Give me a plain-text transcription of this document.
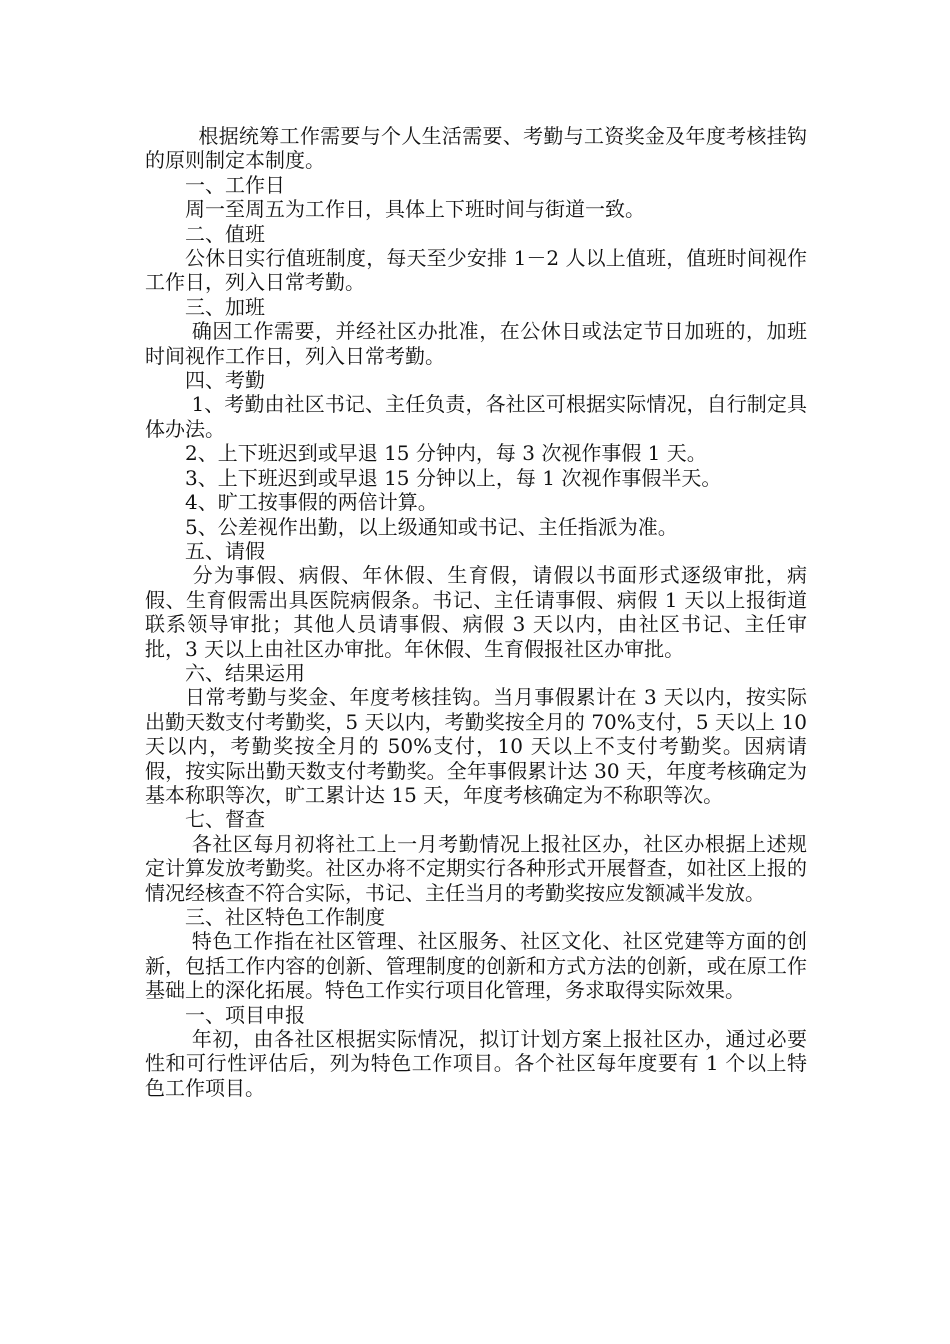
根据统筹工作需要与个人生活需要、考勤与工资奖金及年度考核挂钩的原则制定本制度。

一、工作日

周一至周五为工作日，具体上下班时间与街道一致。

二、值班

公休日实行值班制度，每天至少安排 1－2 人以上值班，值班时间视作工作日，列入日常考勤。

三、加班

确因工作需要，并经社区办批准，在公休日或法定节日加班的，加班时间视作工作日，列入日常考勤。

四、考勤

1、考勤由社区书记、主任负责，各社区可根据实际情况，自行制定具体办法。

2、上下班迟到或早退 15 分钟内，每 3 次视作事假 1 天。

3、上下班迟到或早退 15 分钟以上，每 1 次视作事假半天。

4、旷工按事假的两倍计算。

5、公差视作出勤，以上级通知或书记、主任指派为准。

五、请假

分为事假、病假、年休假、生育假，请假以书面形式逐级审批，病假、生育假需出具医院病假条。书记、主任请事假、病假 1 天以上报街道联系领导审批；其他人员请事假、病假 3 天以内，由社区书记、主任审批，3 天以上由社区办审批。年休假、生育假报社区办审批。

六、结果运用

日常考勤与奖金、年度考核挂钩。当月事假累计在 3 天以内，按实际出勤天数支付考勤奖，5 天以内，考勤奖按全月的 70%支付，5 天以上 10 天以内，考勤奖按全月的 50%支付，10 天以上不支付考勤奖。因病请假，按实际出勤天数支付考勤奖。全年事假累计达 30 天，年度考核确定为基本称职等次，旷工累计达 15 天，年度考核确定为不称职等次。

七、督查

各社区每月初将社工上一月考勤情况上报社区办，社区办根据上述规定计算发放考勤奖。社区办将不定期实行各种形式开展督查，如社区上报的情况经核查不符合实际，书记、主任当月的考勤奖按应发额减半发放。

三、社区特色工作制度

特色工作指在社区管理、社区服务、社区文化、社区党建等方面的创新，包括工作内容的创新、管理制度的创新和方式方法的创新，或在原工作基础上的深化拓展。特色工作实行项目化管理，务求取得实际效果。

一、项目申报

年初，由各社区根据实际情况，拟订计划方案上报社区办，通过必要性和可行性评估后，列为特色工作项目。各个社区每年度要有 1 个以上特色工作项目。
